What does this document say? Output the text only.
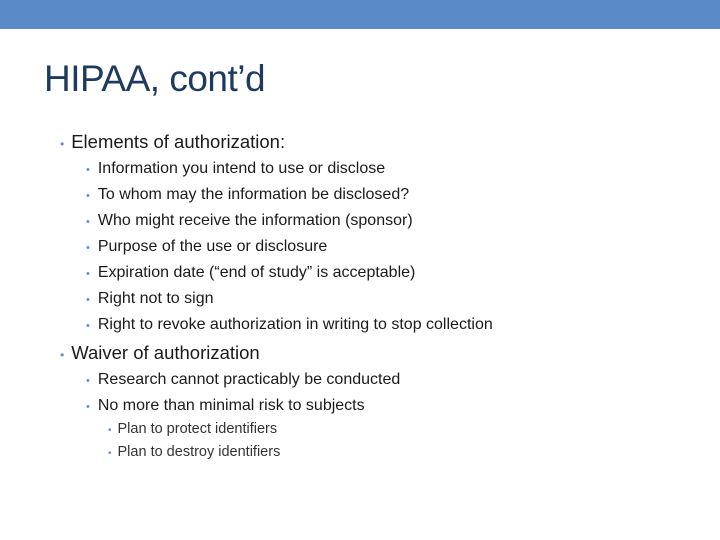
HIPAA, cont’d
• Elements of authorization:
• Information you intend to use or disclose
• To whom may the information be disclosed?
• Who might receive the information (sponsor)
• Purpose of the use or disclosure
• Expiration date (“end of study” is acceptable)
• Right not to sign
• Right to revoke authorization in writing to stop collection
• Waiver of authorization
• Research cannot practicably be conducted
• No more than minimal risk to subjects
• Plan to protect identifiers
• Plan to destroy identifiers
